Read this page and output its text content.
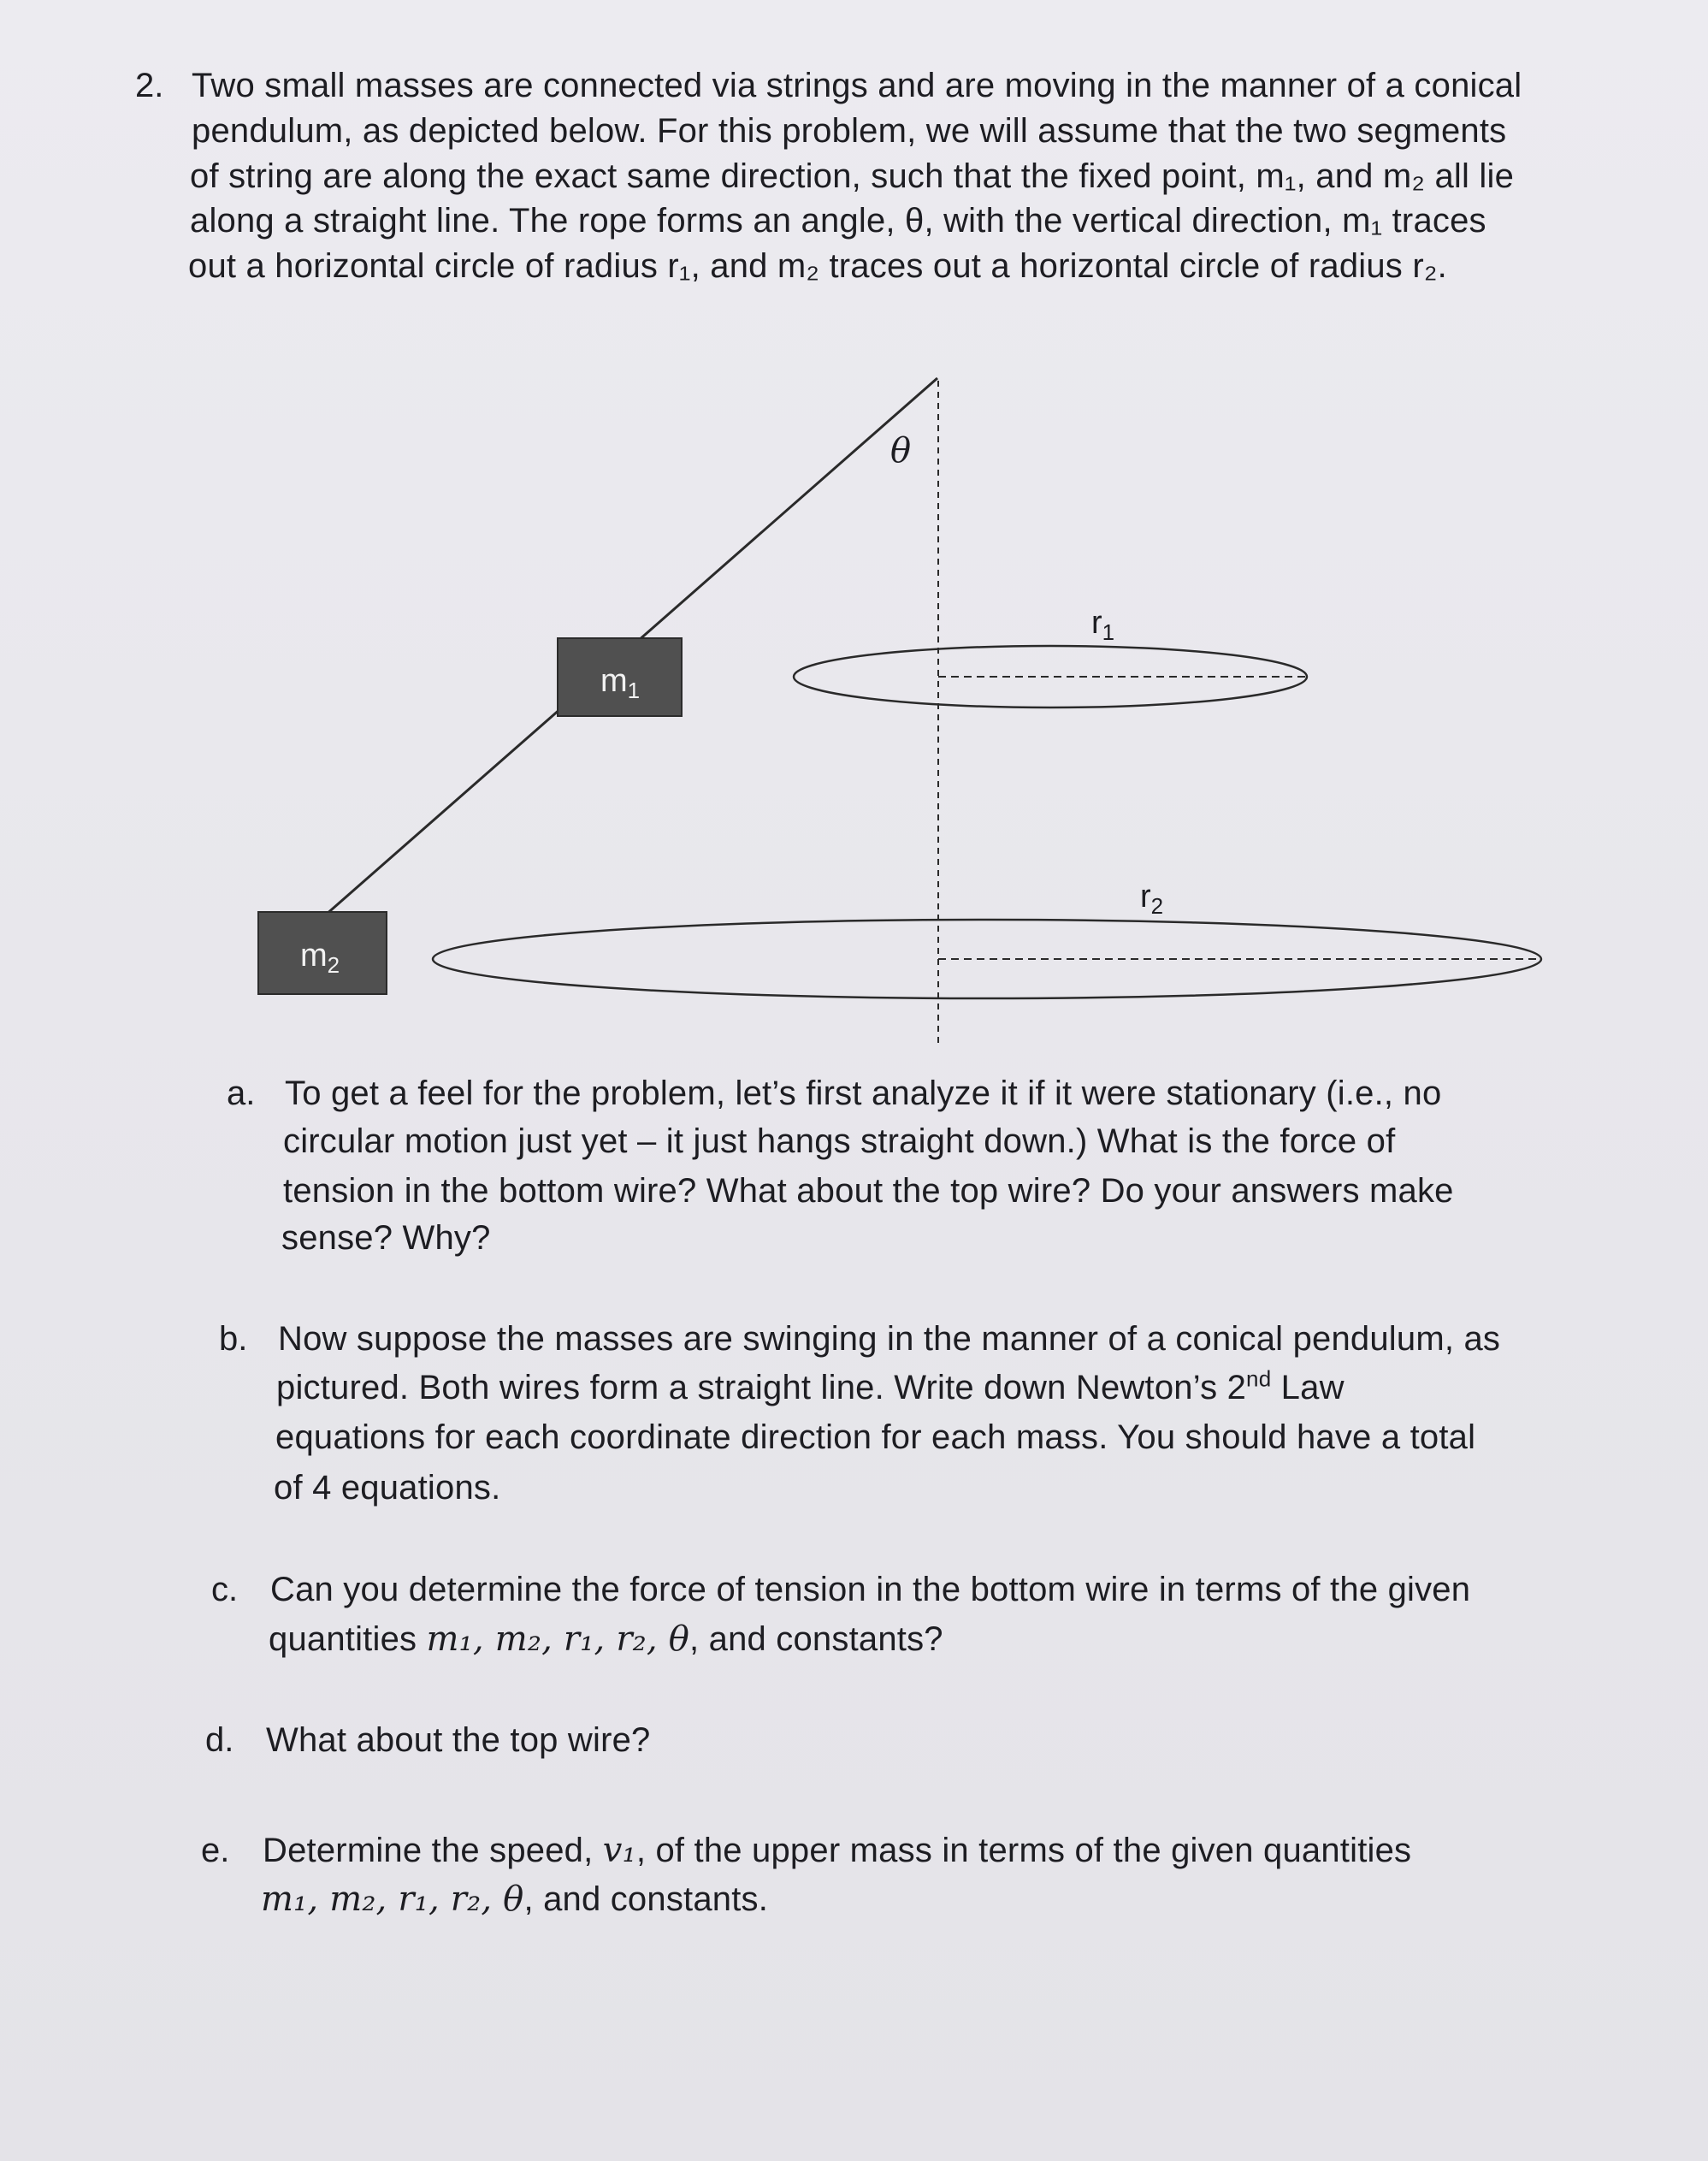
2. Two small masses are connected via strings and are moving in the manner of a conical
pendulum, as depicted below. For this problem, we will assume that the two segments
of string are along the exact same direction, such that the fixed point, m₁, and m₂ all lie
along a straight line. The rope forms an angle, θ, with the vertical direction, m₁ traces
out a horizontal circle of radius r₁, and m₂ traces out a horizontal circle of radius r₂.
$m_1$
$m_2$
θ
$r_1$
$r_2$
a. To get a feel for the problem, let’s first analyze it if it were stationary (i.e., no
circular motion just yet – it just hangs straight down.) What is the force of
tension in the bottom wire? What about the top wire? Do your answers make
sense? Why?
b. Now suppose the masses are swinging in the manner of a conical pendulum, as
pictured. Both wires form a straight line. Write down Newton’s 2nd Law
equations for each coordinate direction for each mass. You should have a total
of 4 equations.
c. Can you determine the force of tension in the bottom wire in terms of the given
quantities m₁, m₂, r₁, r₂, θ, and constants?
d. What about the top wire?
e. Determine the speed, v₁, of the upper mass in terms of the given quantities
m₁, m₂, r₁, r₂, θ, and constants.
